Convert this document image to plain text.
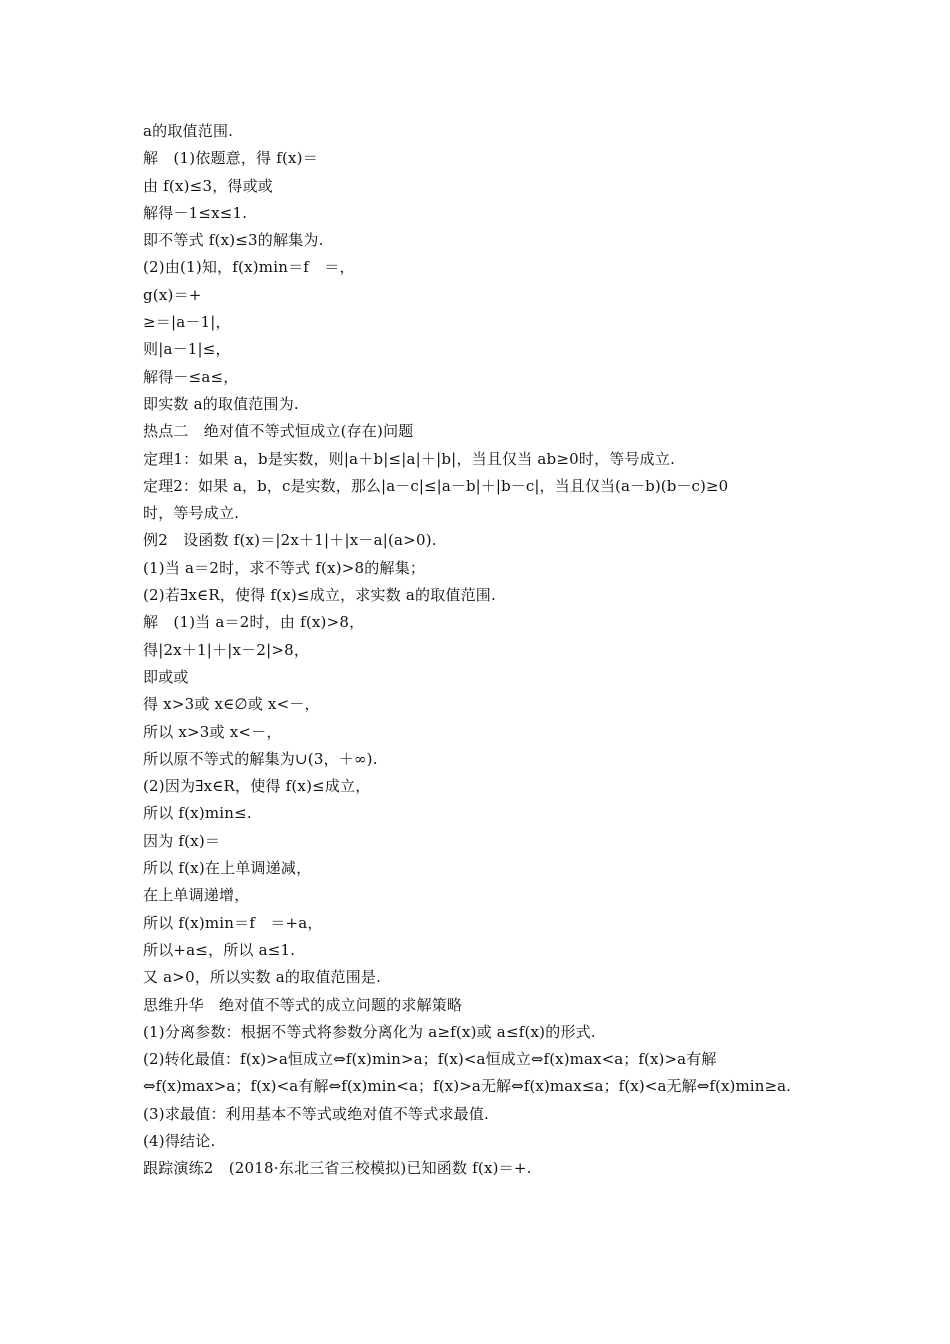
a的取值范围.
解　(1)依题意，得 f(x)＝
由 f(x)≤3，得或或
解得－1≤x≤1.
即不等式 f(x)≤3的解集为.
(2)由(1)知，f(x)min＝f　＝，
g(x)＝+
≥＝|a－1|，
则|a－1|≤，
解得－≤a≤，
即实数 a的取值范围为.
热点二　绝对值不等式恒成立(存在)问题
定理1：如果 a，b是实数，则|a＋b|≤|a|＋|b|，当且仅当 ab≥0时，等号成立.
定理2：如果 a，b，c是实数，那么|a－c|≤|a－b|＋|b－c|，当且仅当(a－b)(b－c)≥0
时，等号成立.
例2　设函数 f(x)＝|2x＋1|＋|x－a|(a>0).
(1)当 a＝2时，求不等式 f(x)>8的解集；
(2)若∃x∈R，使得 f(x)≤成立，求实数 a的取值范围.
解　(1)当 a＝2时，由 f(x)>8，
得|2x＋1|＋|x－2|>8，
即或或
得 x>3或 x∈∅或 x<－，
所以 x>3或 x<－，
所以原不等式的解集为∪(3，＋∞).
(2)因为∃x∈R，使得 f(x)≤成立，
所以 f(x)min≤.
因为 f(x)＝
所以 f(x)在上单调递减，
在上单调递增，
所以 f(x)min＝f　＝+a，
所以+a≤，所以 a≤1.
又 a>0，所以实数 a的取值范围是.
思维升华　绝对值不等式的成立问题的求解策略
(1)分离参数：根据不等式将参数分离化为 a≥f(x)或 a≤f(x)的形式.
(2)转化最值：f(x)>a恒成立⇔f(x)min>a；f(x)<a恒成立⇔f(x)max<a；f(x)>a有解
⇔f(x)max>a；f(x)<a有解⇔f(x)min<a；f(x)>a无解⇔f(x)max≤a；f(x)<a无解⇔f(x)min≥a.
(3)求最值：利用基本不等式或绝对值不等式求最值.
(4)得结论.
跟踪演练2　(2018·东北三省三校模拟)已知函数 f(x)＝+.
